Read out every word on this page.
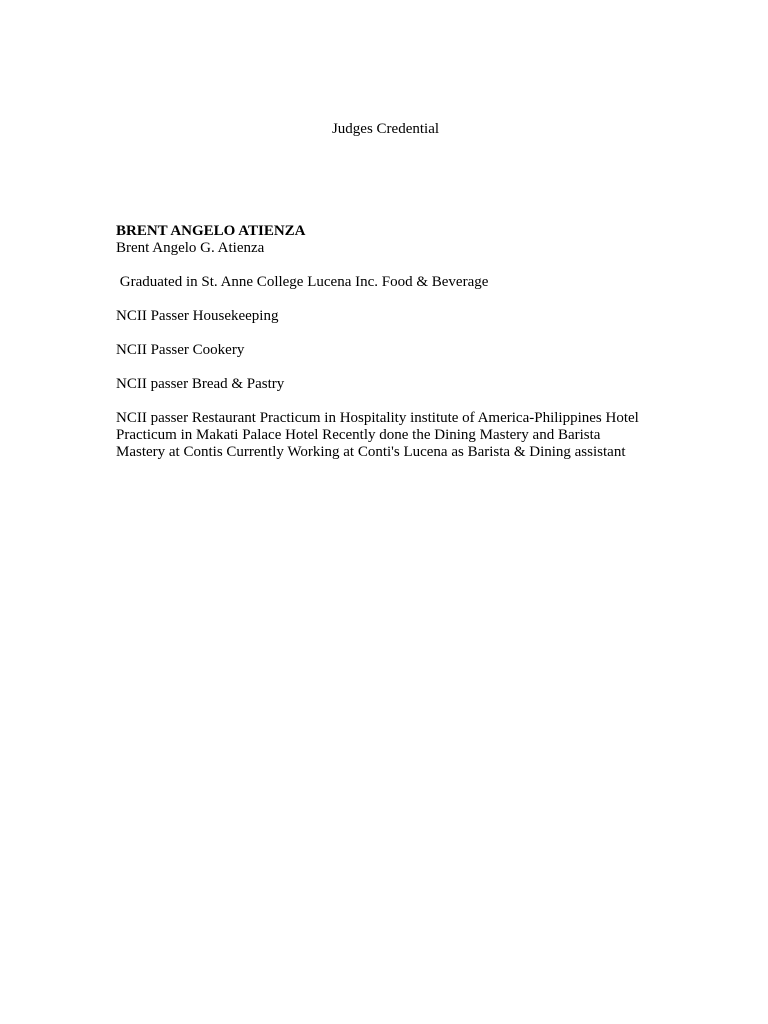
Judges Credential
BRENT ANGELO ATIENZA
Brent Angelo G. Atienza
Graduated in St. Anne College Lucena Inc. Food & Beverage
NCII Passer Housekeeping
NCII Passer Cookery
NCII passer Bread & Pastry
NCII passer Restaurant Practicum in Hospitality institute of America-Philippines Hotel Practicum in Makati Palace Hotel Recently done the Dining Mastery and Barista Mastery at Contis Currently Working at Conti's Lucena as Barista & Dining assistant
